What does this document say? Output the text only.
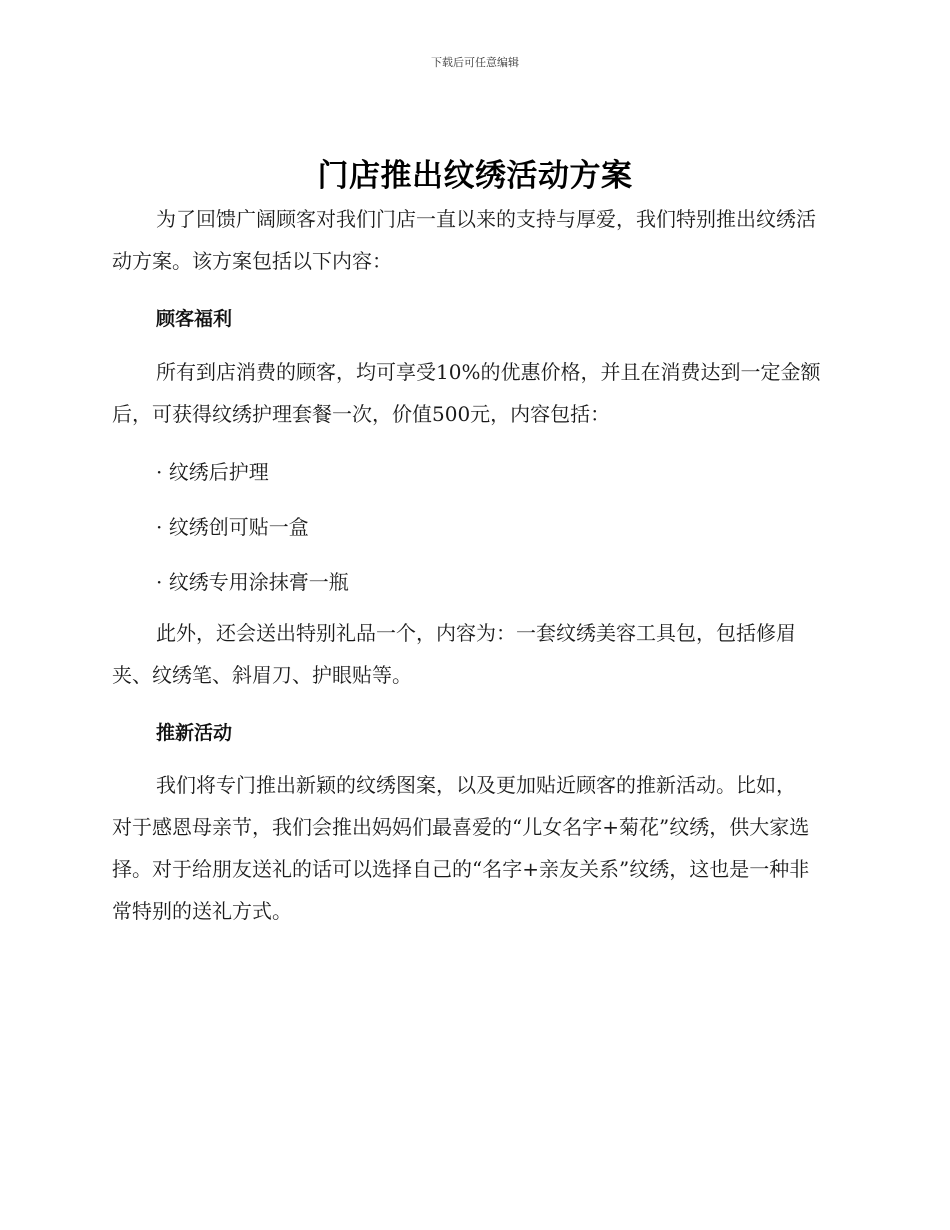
下载后可任意编辑
门店推出纹绣活动方案
为了回馈广阔顾客对我们门店一直以来的支持与厚爱，我们特别推出纹绣活动方案。该方案包括以下内容：
顾客福利
所有到店消费的顾客，均可享受10%的优惠价格，并且在消费达到一定金额后，可获得纹绣护理套餐一次，价值500元，内容包括：
· 纹绣后护理
· 纹绣创可贴一盒
· 纹绣专用涂抹膏一瓶
此外，还会送出特别礼品一个，内容为：一套纹绣美容工具包，包括修眉夹、纹绣笔、斜眉刀、护眼贴等。
推新活动
我们将专门推出新颖的纹绣图案，以及更加贴近顾客的推新活动。比如，对于感恩母亲节，我们会推出妈妈们最喜爱的“儿女名字+菊花”纹绣，供大家选择。对于给朋友送礼的话可以选择自己的“名字+亲友关系”纹绣，这也是一种非常特别的送礼方式。
